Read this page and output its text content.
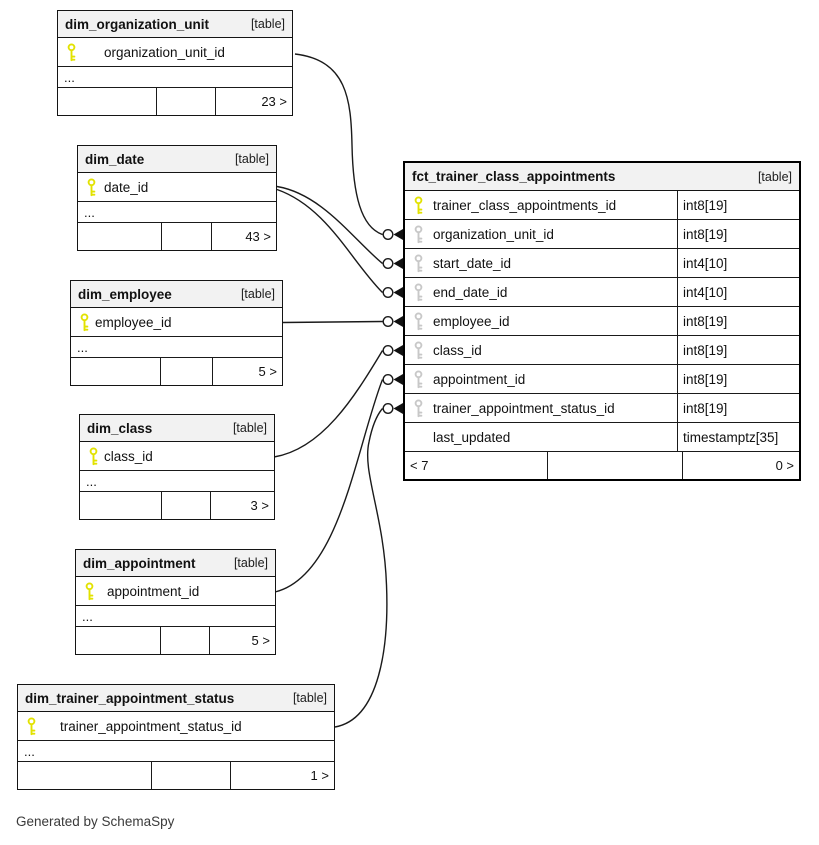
dim_organization_unit	[table]
organization_unit_id
...
23 >
dim_date	[table]
date_id
...
43 >
dim_employee	[table]
employee_id
...
5 >
dim_class	[table]
class_id
...
3 >
dim_appointment	[table]
appointment_id
...
5 >
dim_trainer_appointment_status	[table]
trainer_appointment_status_id
...
1 >
fct_trainer_class_appointments	[table]
trainer_class_appointments_id	int8[19]
organization_unit_id	int8[19]
start_date_id	int4[10]
end_date_id	int4[10]
employee_id	int8[19]
class_id	int8[19]
appointment_id	int8[19]
trainer_appointment_status_id	int8[19]
last_updated	timestamptz[35]
< 7	0 >
Generated by SchemaSpy
